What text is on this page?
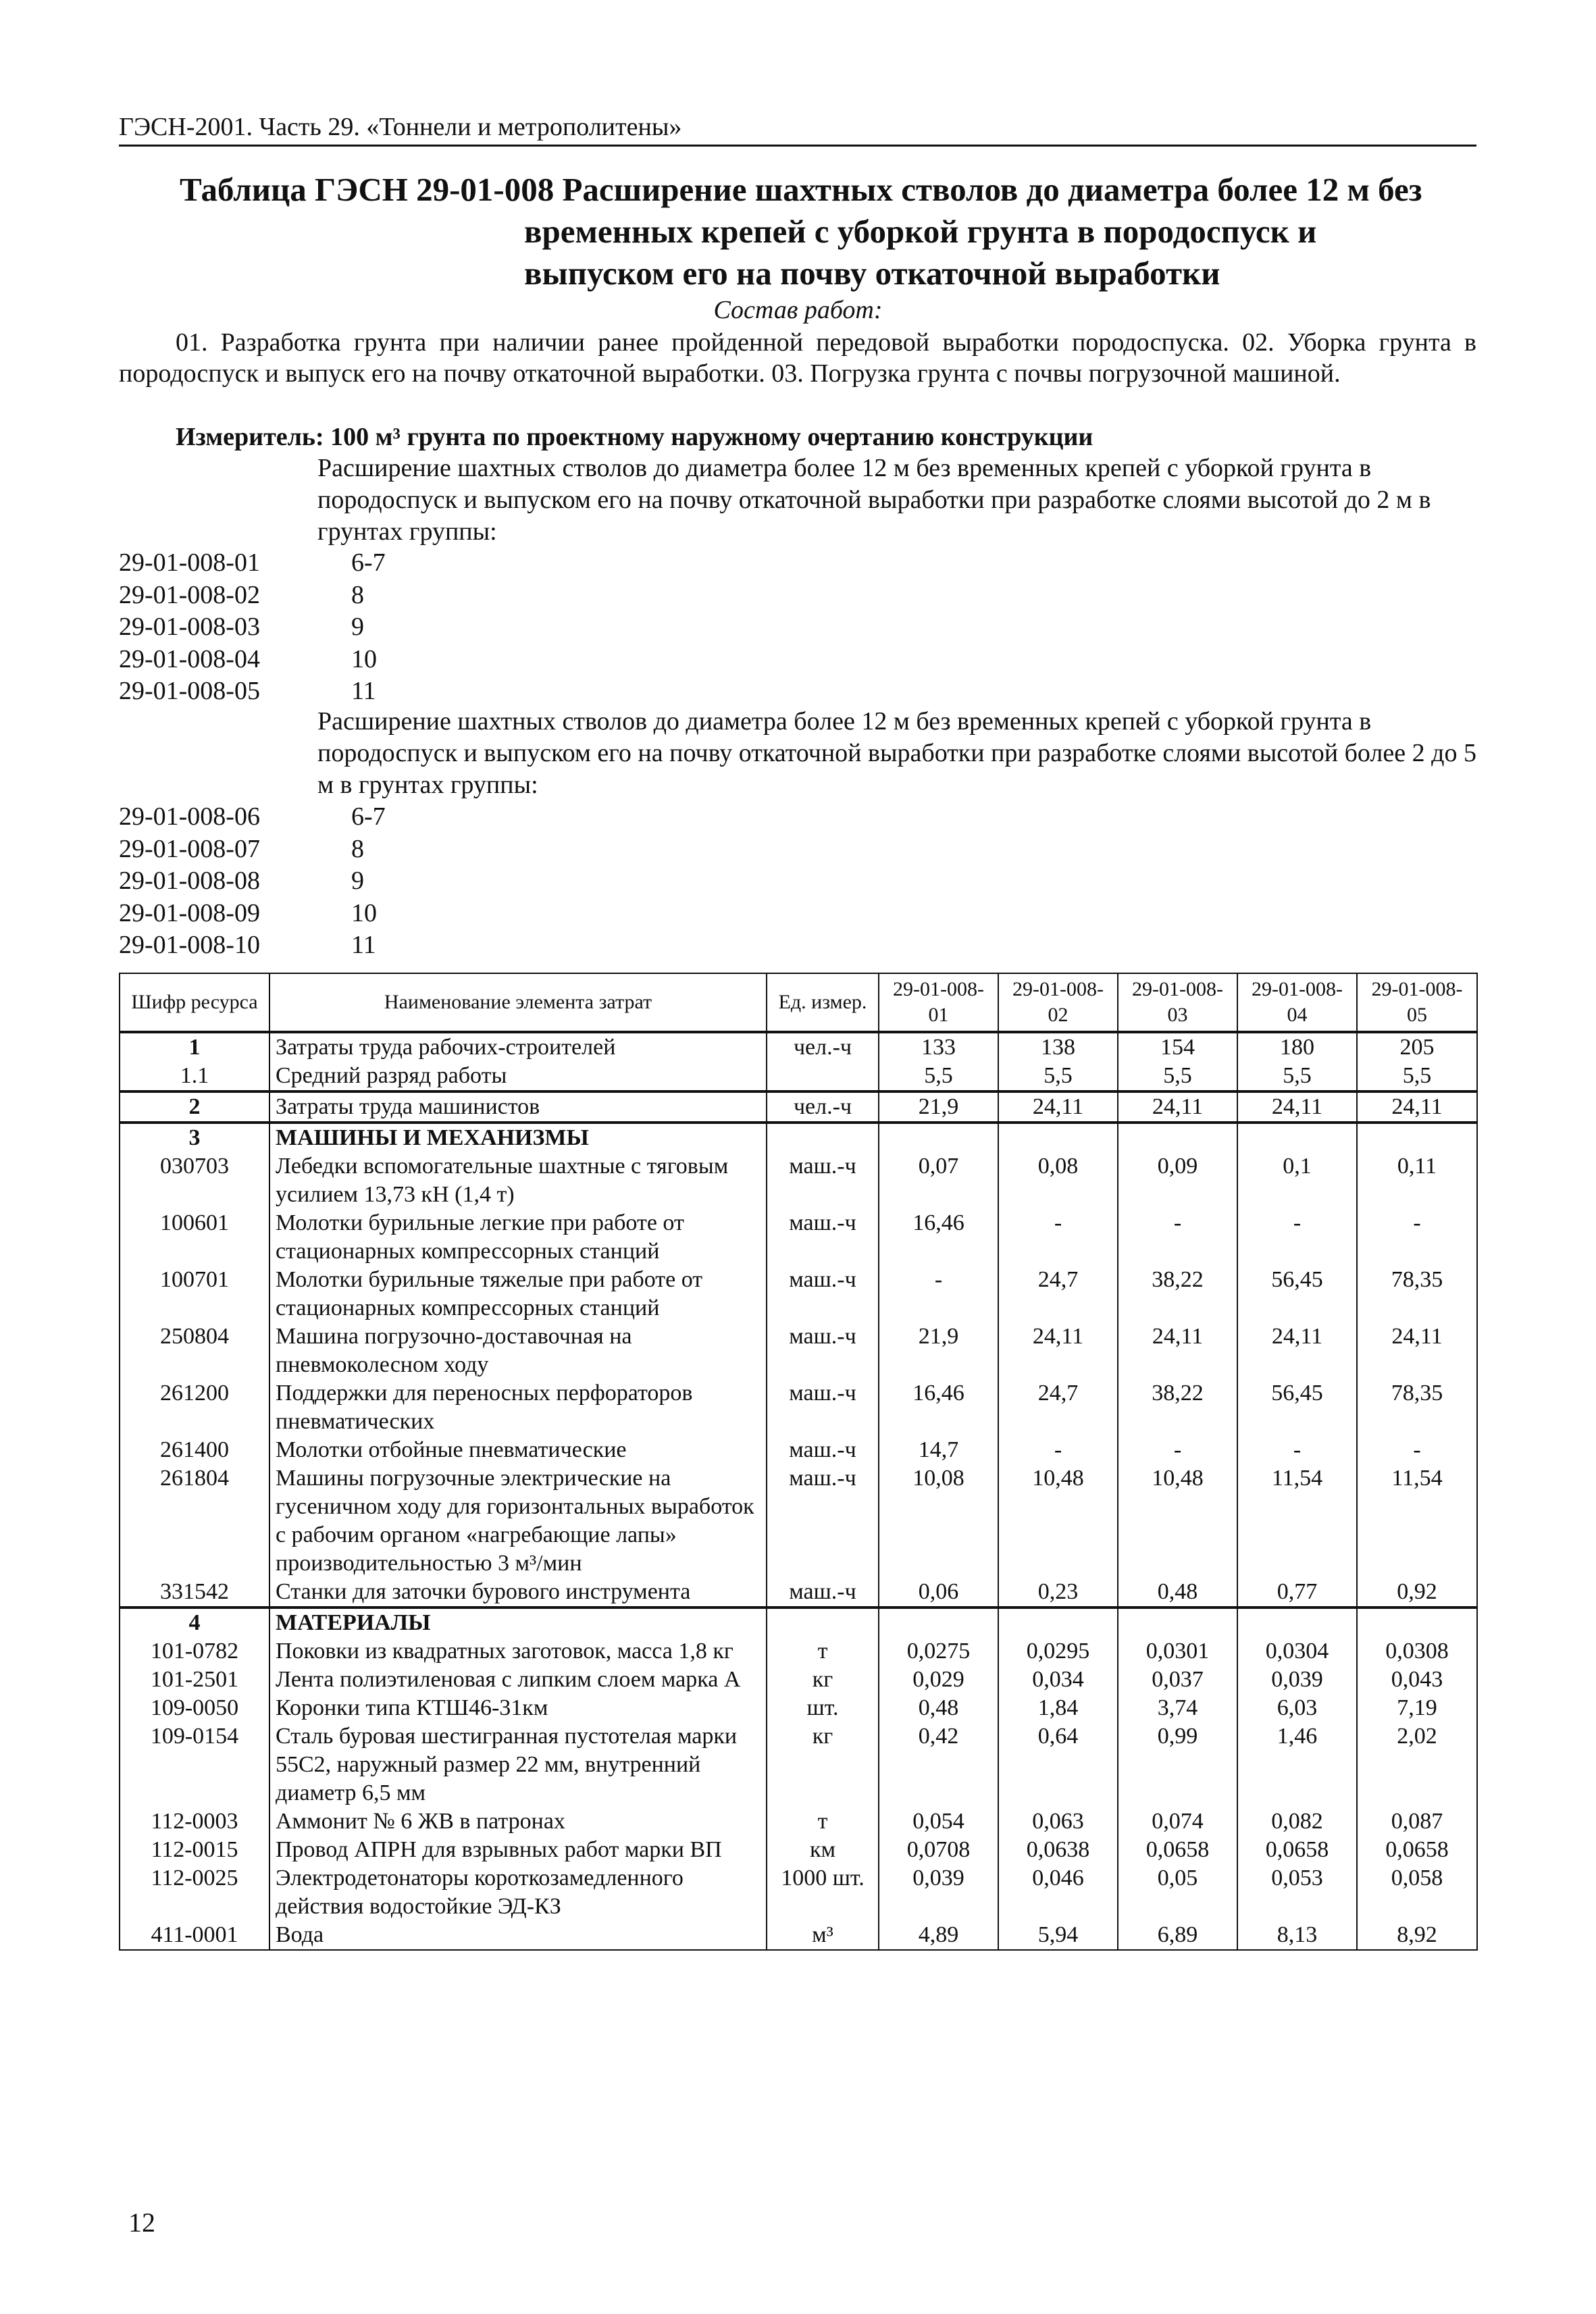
ГЭСН-2001. Часть 29. «Тоннели и метрополитены»
Таблица ГЭСН 29-01-008 Расширение шахтных стволов до диаметра более 12 м без
временных крепей с уборкой грунта в породоспуск и
выпуском его на почву откаточной выработки
Состав работ:
01. Разработка грунта при наличии ранее пройденной передовой выработки породоспуска. 02. Уборка грунта в породоспуск и выпуск его на почву откаточной выработки. 03. Погрузка грунта с почвы погрузочной машиной.
Измеритель: 100 м³ грунта по проектному наружному очертанию конструкции
Расширение шахтных стволов до диаметра более 12 м без временных крепей с уборкой грунта в породоспуск и выпуском его на почву откаточной выработки при разработке слоями высотой до 2 м в грунтах группы:
29-01-008-01	6-7
29-01-008-02	8
29-01-008-03	9
29-01-008-04	10
29-01-008-05	11
Расширение шахтных стволов до диаметра более 12 м без временных крепей с уборкой грунта в породоспуск и выпуском его на почву откаточной выработки при разработке слоями высотой более 2 до 5 м в грунтах группы:
29-01-008-06	6-7
29-01-008-07	8
29-01-008-08	9
29-01-008-09	10
29-01-008-10	11
Шифр ресурса	Наименование элемента затрат	Ед. измер.	29-01-008-01	29-01-008-02	29-01-008-03	29-01-008-04	29-01-008-05
1	Затраты труда рабочих-строителей	чел.-ч	133	138	154	180	205
1.1	Средний разряд работы		5,5	5,5	5,5	5,5	5,5
2	Затраты труда машинистов	чел.-ч	21,9	24,11	24,11	24,11	24,11
3	МАШИНЫ И МЕХАНИЗМЫ						
030703	Лебедки вспомогательные шахтные с тяговым усилием 13,73 кН (1,4 т)	маш.-ч	0,07	0,08	0,09	0,1	0,11
100601	Молотки бурильные легкие при работе от стационарных компрессорных станций	маш.-ч	16,46	-	-	-	-
100701	Молотки бурильные тяжелые при работе от стационарных компрессорных станций	маш.-ч	-	24,7	38,22	56,45	78,35
250804	Машина погрузочно-доставочная на пневмоколесном ходу	маш.-ч	21,9	24,11	24,11	24,11	24,11
261200	Поддержки для переносных перфораторов пневматических	маш.-ч	16,46	24,7	38,22	56,45	78,35
261400	Молотки отбойные пневматические	маш.-ч	14,7	-	-	-	-
261804	Машины погрузочные электрические на гусеничном ходу для горизонтальных выработок с рабочим органом «нагребающие лапы» производительностью 3 м³/мин	маш.-ч	10,08	10,48	10,48	11,54	11,54
331542	Станки для заточки бурового инструмента	маш.-ч	0,06	0,23	0,48	0,77	0,92
4	МАТЕРИАЛЫ						
101-0782	Поковки из квадратных заготовок, масса 1,8 кг	т	0,0275	0,0295	0,0301	0,0304	0,0308
101-2501	Лента полиэтиленовая с липким слоем марка А	кг	0,029	0,034	0,037	0,039	0,043
109-0050	Коронки типа КТШ46-31км	шт.	0,48	1,84	3,74	6,03	7,19
109-0154	Сталь буровая шестигранная пустотелая марки 55С2, наружный размер 22 мм, внутренний диаметр 6,5 мм	кг	0,42	0,64	0,99	1,46	2,02
112-0003	Аммонит № 6 ЖВ в патронах	т	0,054	0,063	0,074	0,082	0,087
112-0015	Провод АПРН для взрывных работ марки ВП	км	0,0708	0,0638	0,0658	0,0658	0,0658
112-0025	Электродетонаторы короткозамедленного действия водостойкие ЭД-КЗ	1000 шт.	0,039	0,046	0,05	0,053	0,058
411-0001	Вода	м³	4,89	5,94	6,89	8,13	8,92
12
